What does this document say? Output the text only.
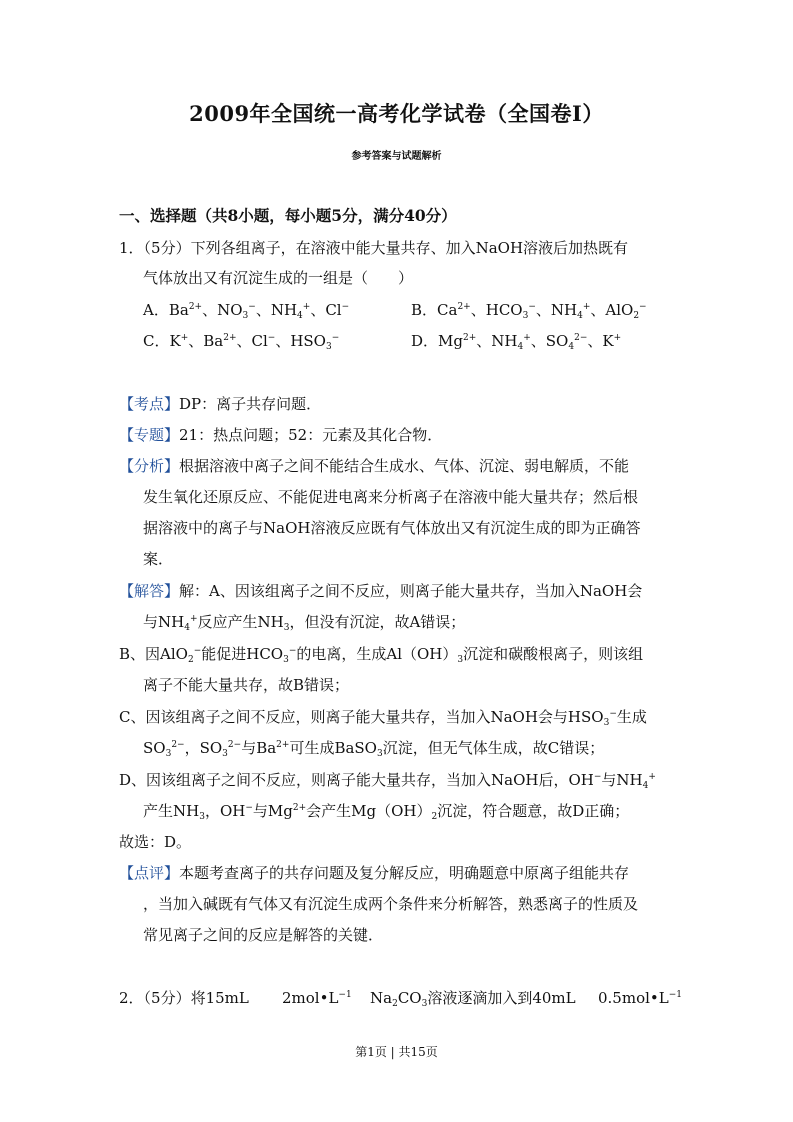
2009年全国统一高考化学试卷（全国卷I）
参考答案与试题解析
一、选择题（共8小题，每小题5分，满分40分）
1．（5分）下列各组离子，在溶液中能大量共存、加入NaOH溶液后加热既有
气体放出又有沉淀生成的一组是（　　）
A．$Ba^{2+}$、$NO_3^-$、$NH_4^+$、Cl−	B．$Ca^{2+}$、$HCO_3^-$、$NH_4^+$、AlO$_2$−
C．K+、$Ba^{2+}$、Cl−、$HSO_3^-$	D．$Mg^{2+}$、$NH_4^+$、$SO_4^{2-}$、K+
【考点】DP：离子共存问题．
【专题】21：热点问题；52：元素及其化合物．
【分析】根据溶液中离子之间不能结合生成水、气体、沉淀、弱电解质，不能
发生氧化还原反应、不能促进电离来分析离子在溶液中能大量共存；然后根
据溶液中的离子与NaOH溶液反应既有气体放出又有沉淀生成的即为正确答
案．
【解答】解：A、因该组离子之间不反应，则离子能大量共存，当加入NaOH会
与$NH_4^+$反应产生$NH_3$，但没有沉淀，故A错误；
B、因AlO$_2$−能促进$HCO_3^-$的电离，生成$Al(OH)_3$沉淀和碳酸根离子，则该组
离子不能大量共存，故B错误；
C、因该组离子之间不反应，则离子能大量共存，当加入NaOH会与$HSO_3^-$生成
$SO_3^{2-}$，$SO_3^{2-}$与$Ba^{2+}$可生成BaSO$_3$沉淀，但无气体生成，故C错误；
D、因该组离子之间不反应，则离子能大量共存，当加入NaOH后，OH−与$NH_4^+$
产生$NH_3$，OH−与$Mg^{2+}$会产生$Mg(OH)_2$沉淀，符合题意，故D正确；
故选：D。
【点评】本题考查离子的共存问题及复分解反应，明确题意中原离子组能共存
，当加入碱既有气体又有沉淀生成两个条件来分析解答，熟悉离子的性质及
常见离子之间的反应是解答的关键．
2．（5分）将15mL $2mol•L^{-1}$ $Na_2CO_3$溶液逐滴加入到40mL $0.5mol•L^{-1}$
第1页 | 共15页
